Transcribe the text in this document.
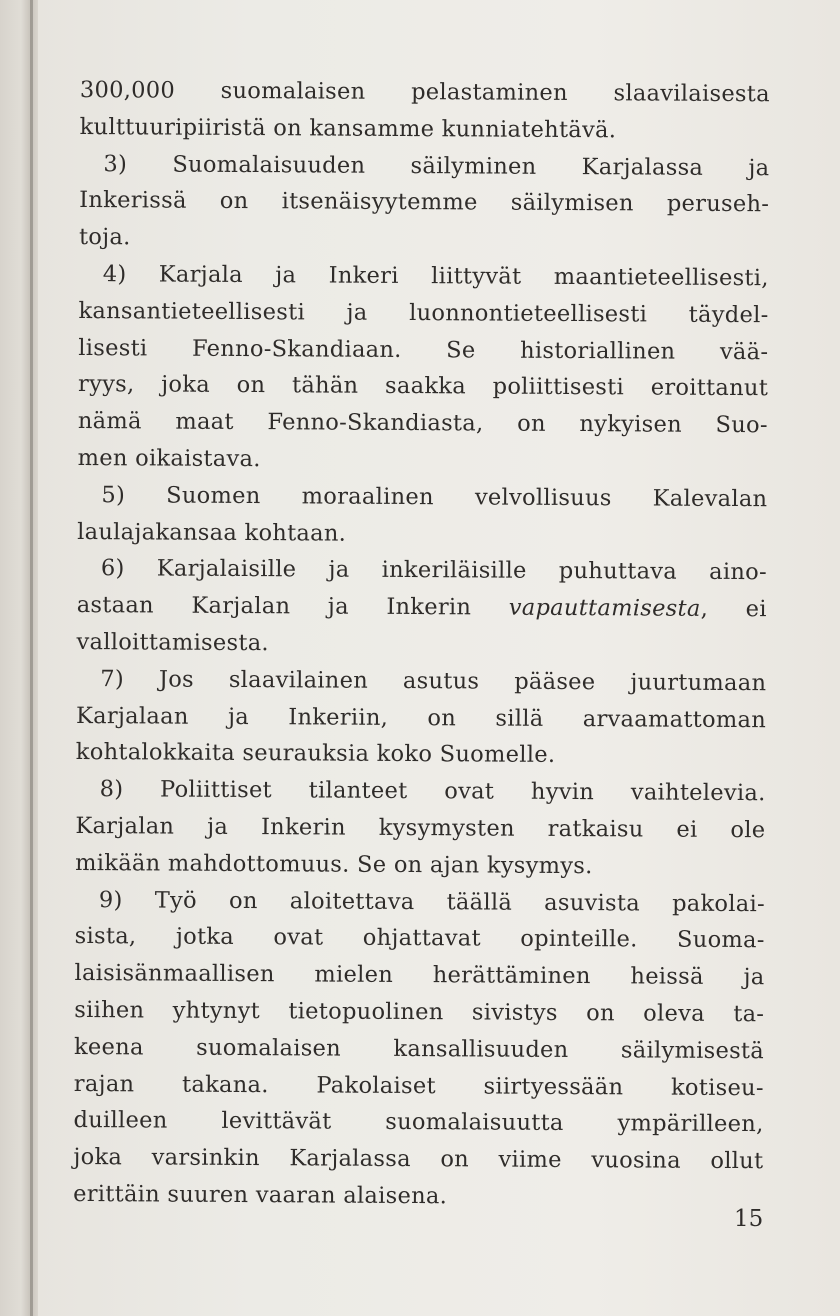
300,000 suomalaisen pelastaminen slaavilaisesta
kulttuuripiiristä on kansamme kunniatehtävä.
3) Suomalaisuuden säilyminen Karjalassa ja
Inkerissä on itsenäisyytemme säilymisen peruseh-
toja.
4) Karjala ja Inkeri liittyvät maantieteellisesti,
kansantieteellisesti ja luonnontieteellisesti täydel-
lisesti Fenno-Skandiaan. Se historiallinen vää-
ryys, joka on tähän saakka poliittisesti eroittanut
nämä maat Fenno-Skandiasta, on nykyisen Suo-
men oikaistava.
5) Suomen moraalinen velvollisuus Kalevalan
laulajakansaa kohtaan.
6) Karjalaisille ja inkeriläisille puhuttava aino-
astaan Karjalan ja Inkerin vapauttamisesta, ei
valloittamisesta.
7) Jos slaavilainen asutus pääsee juurtumaan
Karjalaan ja Inkeriin, on sillä arvaamattoman
kohtalokkaita seurauksia koko Suomelle.
8) Poliittiset tilanteet ovat hyvin vaihtelevia.
Karjalan ja Inkerin kysymysten ratkaisu ei ole
mikään mahdottomuus. Se on ajan kysymys.
9) Työ on aloitettava täällä asuvista pakolai-
sista, jotka ovat ohjattavat opinteille. Suoma-
laisisänmaallisen mielen herättäminen heissä ja
siihen yhtynyt tietopuolinen sivistys on oleva ta-
keena suomalaisen kansallisuuden säilymisestä
rajan takana. Pakolaiset siirtyessään kotiseu-
duilleen levittävät suomalaisuutta ympärilleen,
joka varsinkin Karjalassa on viime vuosina ollut
erittäin suuren vaaran alaisena.
15
